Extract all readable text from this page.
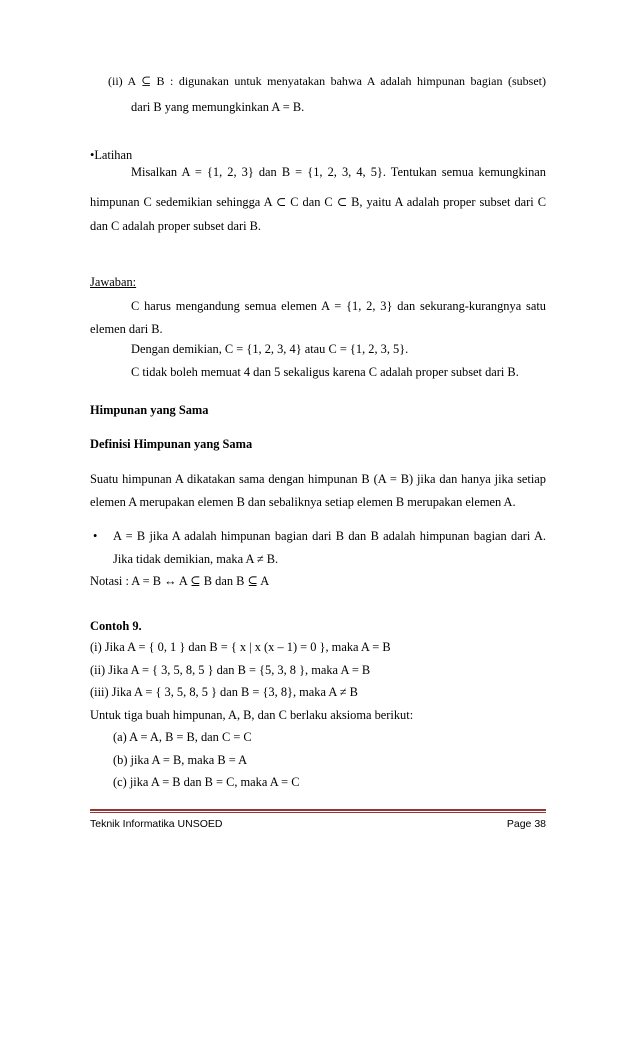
(ii) A ⊆ B : digunakan untuk menyatakan bahwa A adalah himpunan bagian (subset)
dari B yang memungkinkan A = B.
•Latihan
Misalkan A = {1, 2, 3} dan B = {1, 2, 3, 4, 5}. Tentukan semua kemungkinan
himpunan C sedemikian sehingga A ⊂ C dan C ⊂ B, yaitu A adalah proper subset dari C
dan C adalah proper subset dari B.
Jawaban:
C harus mengandung semua elemen A = {1, 2, 3} dan sekurang-kurangnya satu
elemen dari B.
Dengan demikian, C = {1, 2, 3, 4} atau C = {1, 2, 3, 5}.
C tidak boleh memuat 4 dan 5 sekaligus karena C adalah proper subset dari B.
Himpunan yang Sama
Definisi Himpunan yang Sama
Suatu himpunan A dikatakan sama dengan himpunan B (A = B) jika dan hanya jika setiap
elemen A merupakan elemen B dan sebaliknya setiap elemen B merupakan elemen A.
• A = B jika A adalah himpunan bagian dari B dan B adalah himpunan bagian dari A.
Jika tidak demikian, maka A ≠ B.
Notasi : A = B ↔ A ⊆ B dan B ⊆ A
Contoh 9.
(i) Jika A = { 0, 1 } dan B = { x | x (x – 1) = 0 }, maka A = B
(ii) Jika A = { 3, 5, 8, 5 } dan B = {5, 3, 8 }, maka A = B
(iii) Jika A = { 3, 5, 8, 5 } dan B = {3, 8}, maka A ≠ B
Untuk tiga buah himpunan, A, B, dan C berlaku aksioma berikut:
(a) A = A, B = B, dan C = C
(b) jika A = B, maka B = A
(c) jika A = B dan B = C, maka A = C
Teknik Informatika UNSOED	Page 38
